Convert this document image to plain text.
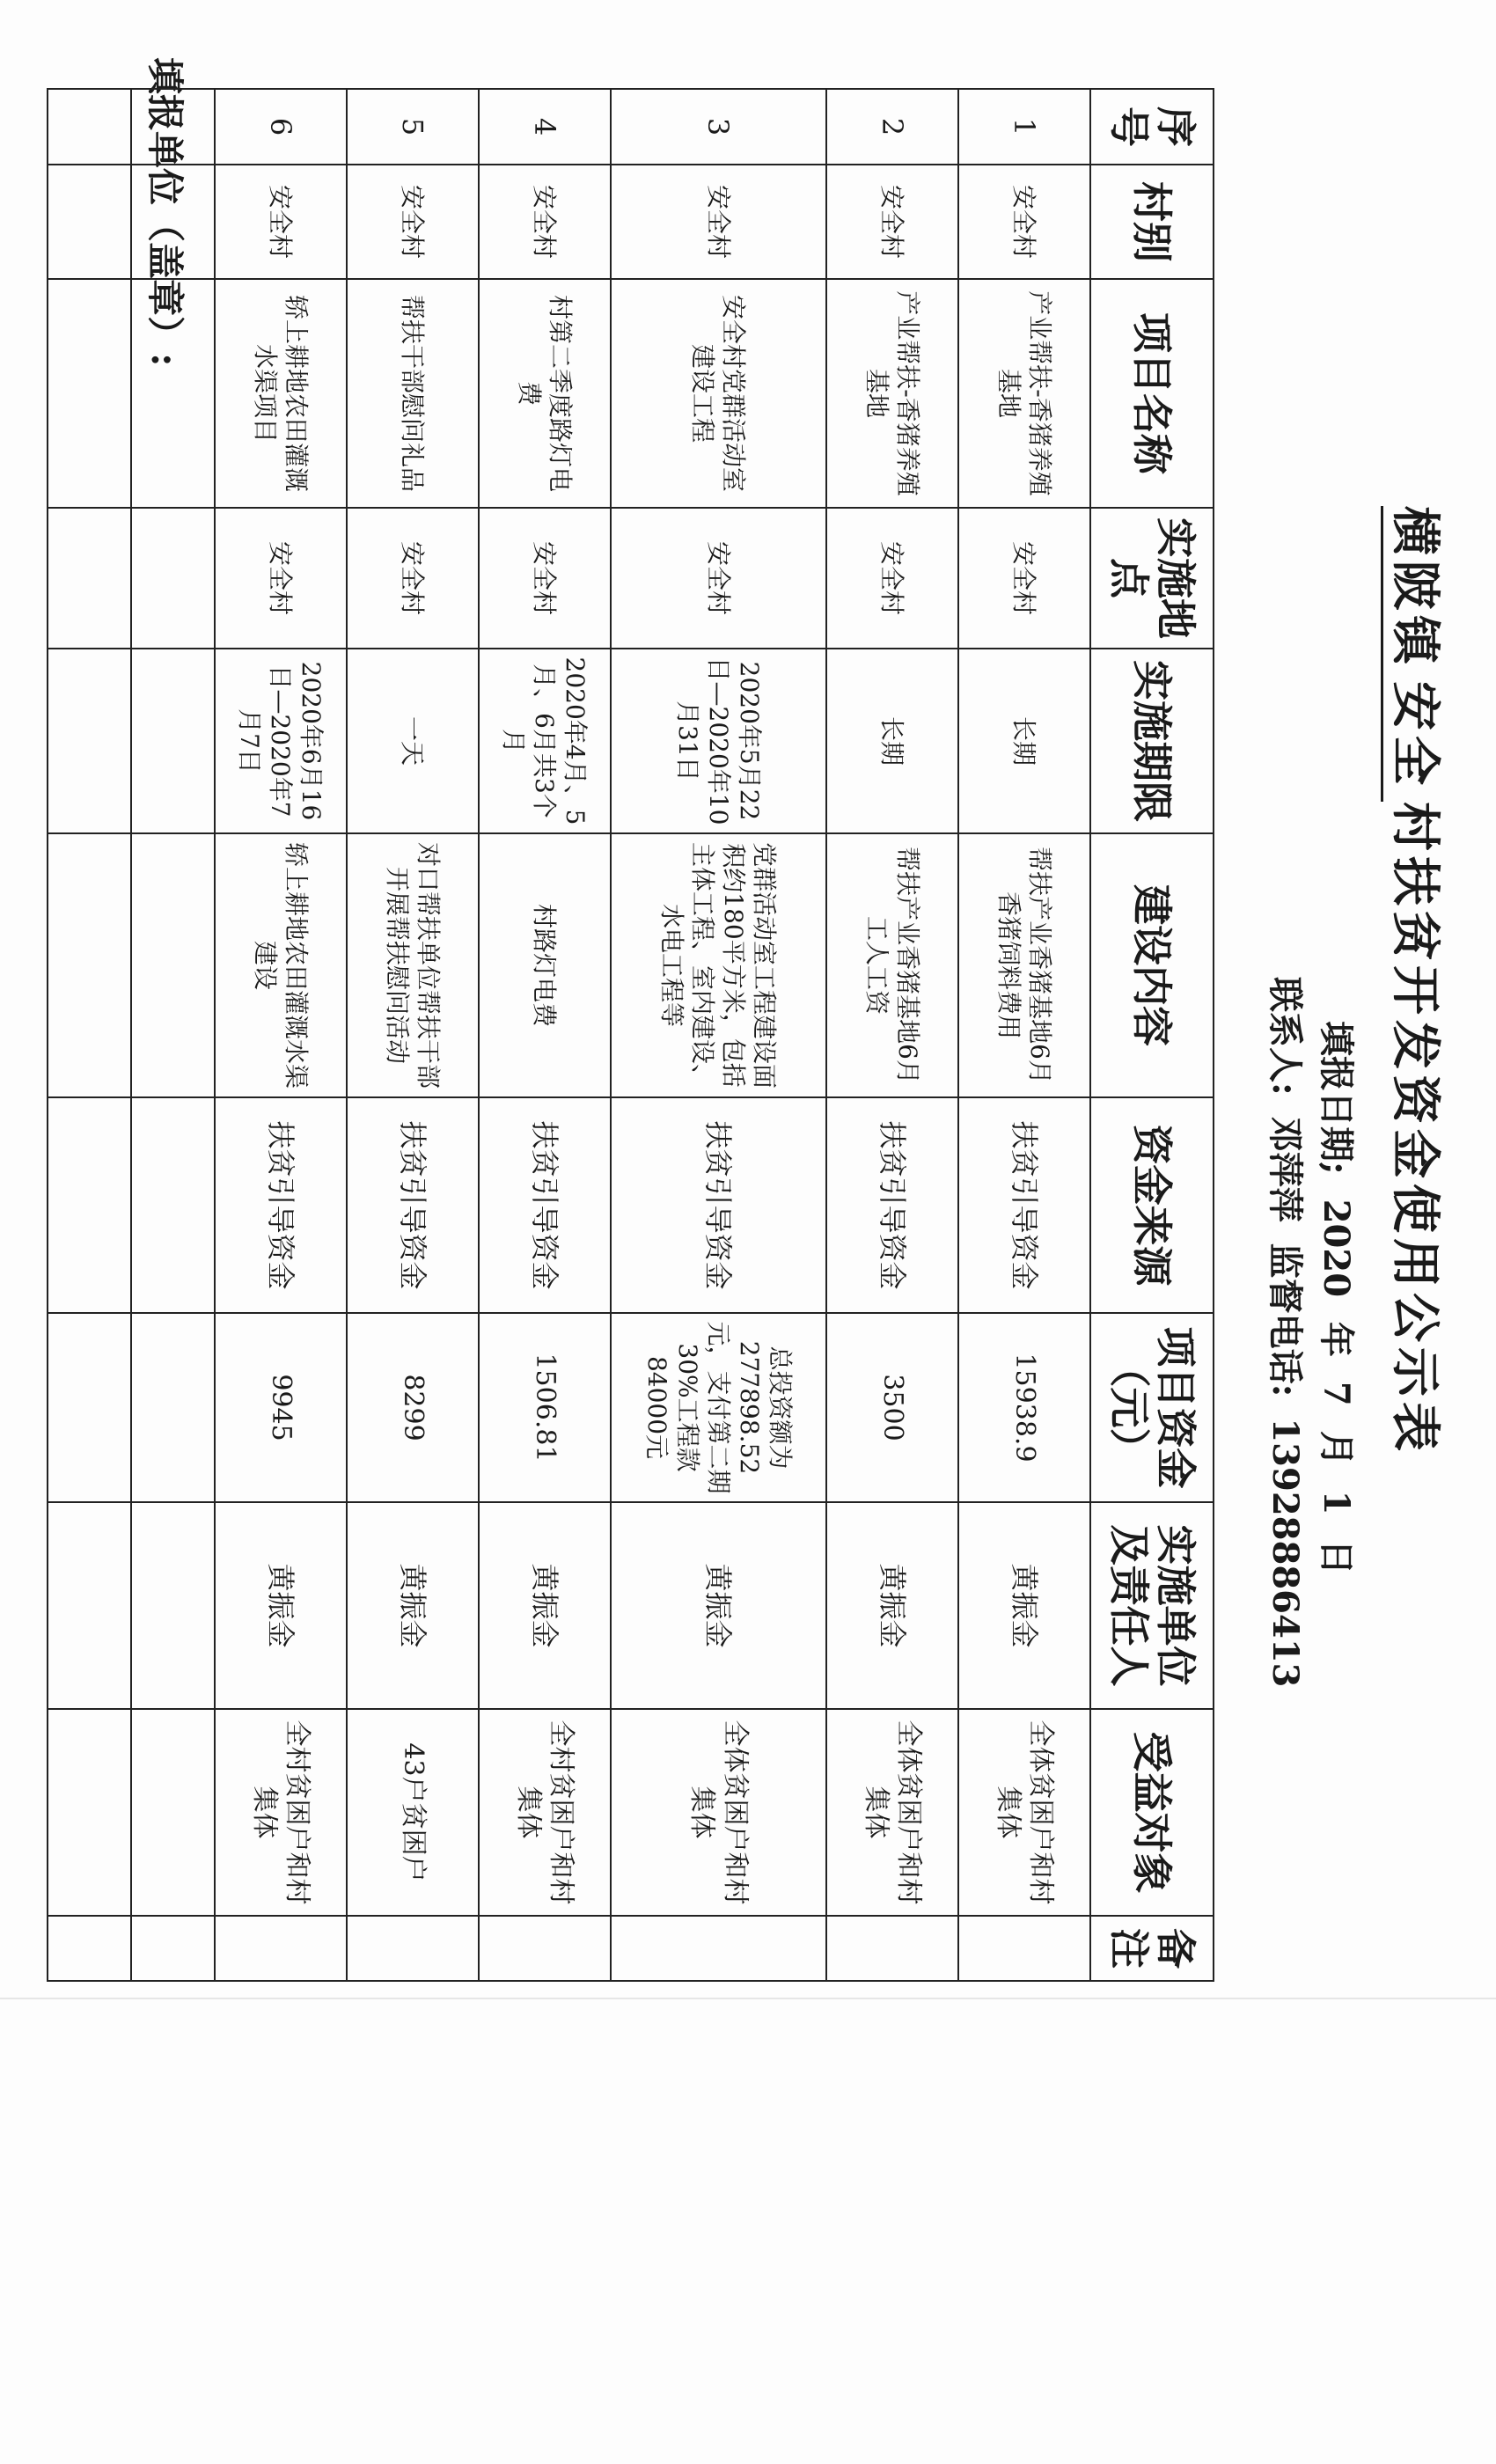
横陂镇安全村扶贫开发资金使用公示表
填报日期; 2020 年 7 月 1 日
联系人: 邓萍萍 监督电话: 13928886413
填报单位（盖章）:	序号	村别	项目名称	实施地点	实施期限	建设内容	资金来源	项目资金（元）	实施单位及责任人	受益对象	备注
1	安全村	产业帮扶-香猪养殖基地	安全村	长期	帮扶产业香猪基地6月香猪饲料费用	扶贫引导资金	15938.9	黄振金	全体贫困户和村集体	
2	安全村	产业帮扶-香猪养殖基地	安全村	长期	帮扶产业香猪基地6月工人工资	扶贫引导资金	3500	黄振金	全体贫困户和村集体	
3	安全村	安全村党群活动室建设工程	安全村	2020年5月22日—2020年10月31日	党群活动室工程建设面积约180平方米，包括主体工程、室内建设、水电工程等	扶贫引导资金	总投资额为277898.52元，支付第二期30%工程款84000元	黄振金	全体贫困户和村集体	
4	安全村	村第二季度路灯电费	安全村	2020年4月、5月、6月共3个月	村路灯电费	扶贫引导资金	1506.81	黄振金	全村贫困户和村集体	
5	安全村	帮扶干部慰问礼品	安全村	一天	对口帮扶单位帮扶干部开展帮扶慰问活动	扶贫引导资金	8299	黄振金	43户贫困户	
6	安全村	轿上耕地农田灌溉水渠项目	安全村	2020年6月16日—2020年7月7日	轿上耕地农田灌溉水渠建设	扶贫引导资金	9945	黄振金	全村贫困户和村集体	
